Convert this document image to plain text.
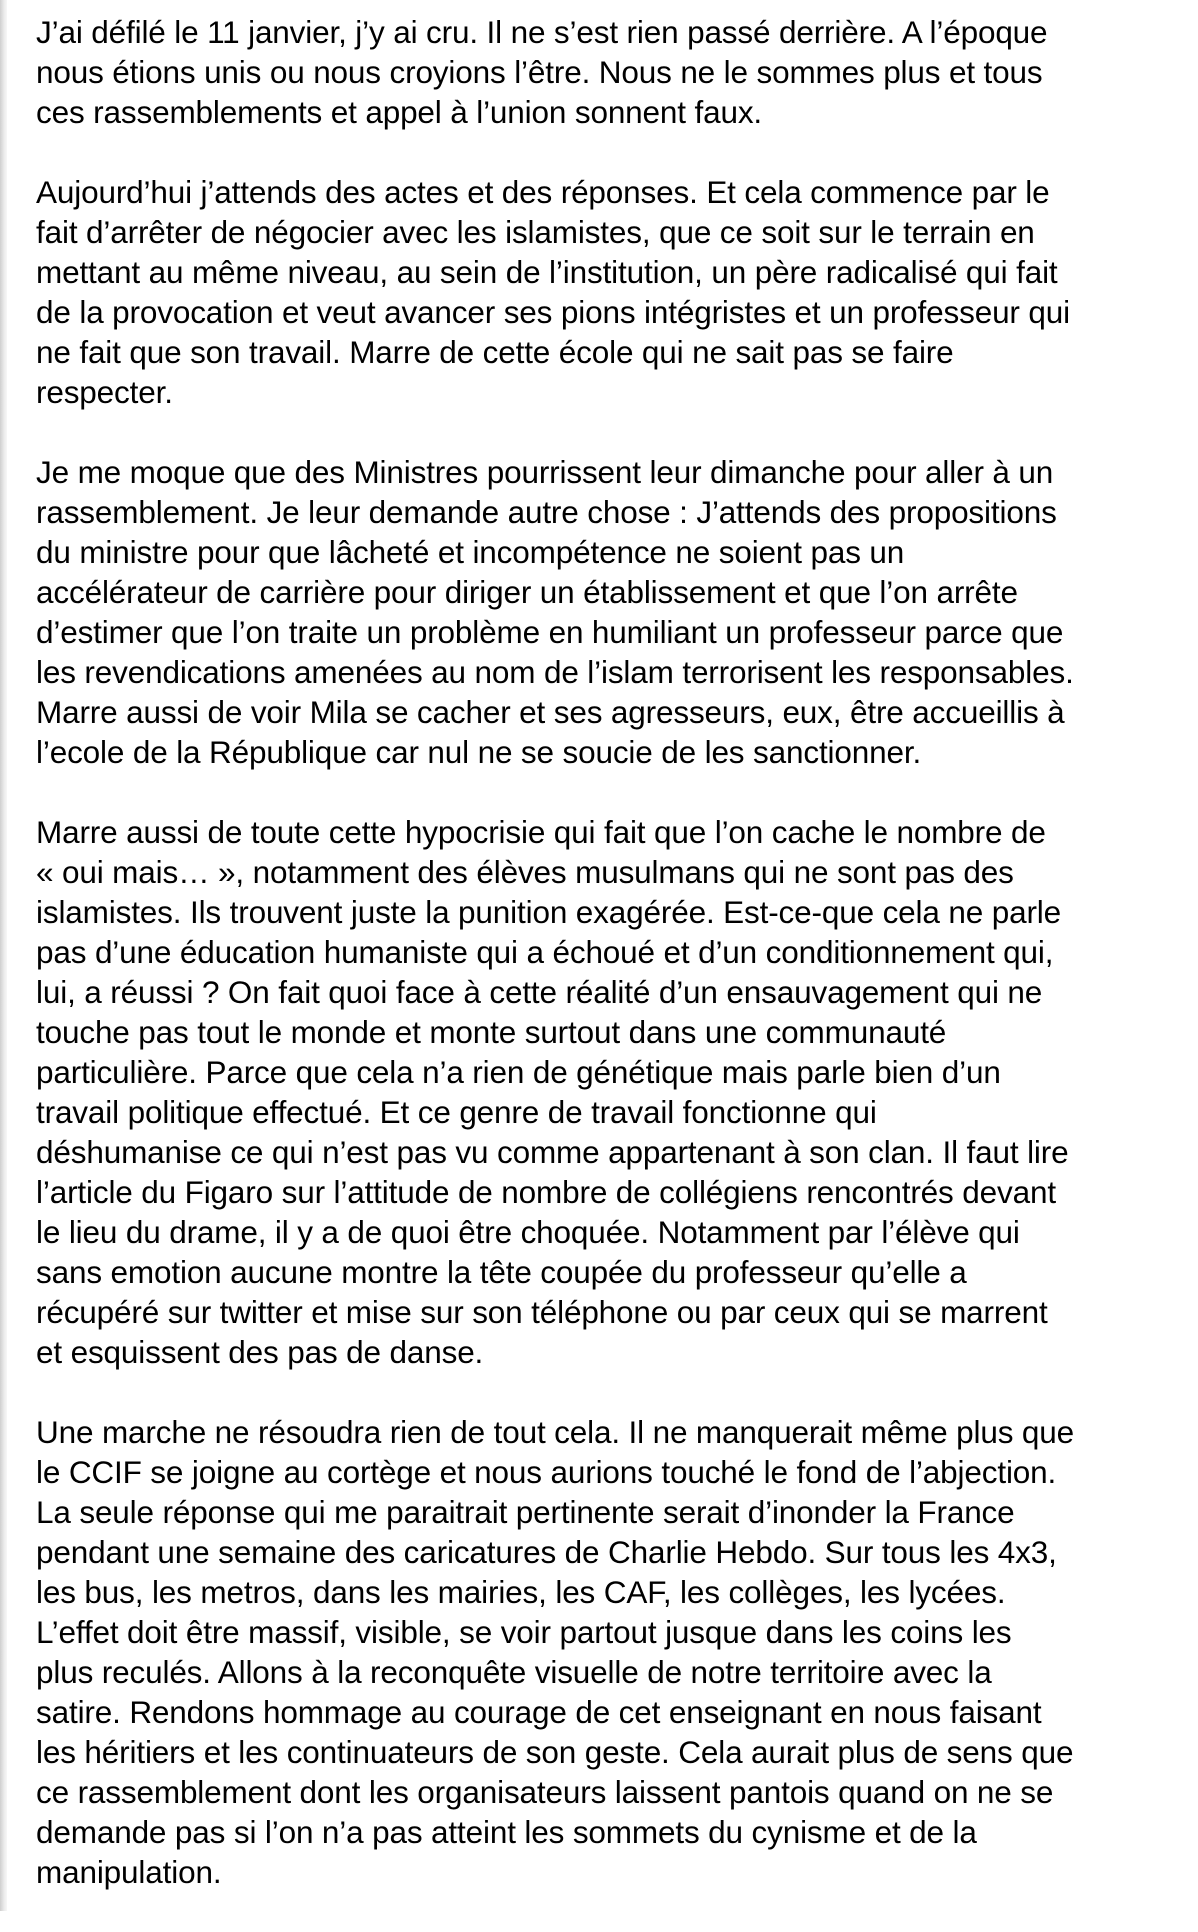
J’ai défilé le 11 janvier, j’y ai cru. Il ne s’est rien passé derrière. A l’époque
nous étions unis ou nous croyions l’être. Nous ne le sommes plus et tous
ces rassemblements et appel à l’union sonnent faux.
Aujourd’hui j’attends des actes et des réponses. Et cela commence par le
fait d’arrêter de négocier avec les islamistes, que ce soit sur le terrain en
mettant au même niveau, au sein de l’institution, un père radicalisé qui fait
de la provocation et veut avancer ses pions intégristes et un professeur qui
ne fait que son travail. Marre de cette école qui ne sait pas se faire
respecter.
Je me moque que des Ministres pourrissent leur dimanche pour aller à un
rassemblement. Je leur demande autre chose : J’attends des propositions
du ministre pour que lâcheté et incompétence ne soient pas un
accélérateur de carrière pour diriger un établissement et que l’on arrête
d’estimer que l’on traite un problème en humiliant un professeur parce que
les revendications amenées au nom de l’islam terrorisent les responsables.
Marre aussi de voir Mila se cacher et ses agresseurs, eux, être accueillis à
l’ecole de la République car nul ne se soucie de les sanctionner.
Marre aussi de toute cette hypocrisie qui fait que l’on cache le nombre de
« oui mais… », notamment des élèves musulmans qui ne sont pas des
islamistes. Ils trouvent juste la punition exagérée. Est-ce-que cela ne parle
pas d’une éducation humaniste qui a échoué et d’un conditionnement qui,
lui, a réussi ? On fait quoi face à cette réalité d’un ensauvagement qui ne
touche pas tout le monde et monte surtout dans une communauté
particulière. Parce que cela n’a rien de génétique mais parle bien d’un
travail politique effectué. Et ce genre de travail fonctionne qui
déshumanise ce qui n’est pas vu comme appartenant à son clan. Il faut lire
l’article du Figaro sur l’attitude de nombre de collégiens rencontrés devant
le lieu du drame, il y a de quoi être choquée. Notamment par l’élève qui
sans emotion aucune montre la tête coupée du professeur qu’elle a
récupéré sur twitter et mise sur son téléphone ou par ceux qui se marrent
et esquissent des pas de danse.
Une marche ne résoudra rien de tout cela. Il ne manquerait même plus que
le CCIF se joigne au cortège et nous aurions touché le fond de l’abjection.
La seule réponse qui me paraitrait pertinente serait d’inonder la France
pendant une semaine des caricatures de Charlie Hebdo. Sur tous les 4x3,
les bus, les metros, dans les mairies, les CAF, les collèges, les lycées.
L’effet doit être massif, visible, se voir partout jusque dans les coins les
plus reculés. Allons à la reconquête visuelle de notre territoire avec la
satire. Rendons hommage au courage de cet enseignant en nous faisant
les héritiers et les continuateurs de son geste. Cela aurait plus de sens que
ce rassemblement dont les organisateurs laissent pantois quand on ne se
demande pas si l’on n’a pas atteint les sommets du cynisme et de la
manipulation.
